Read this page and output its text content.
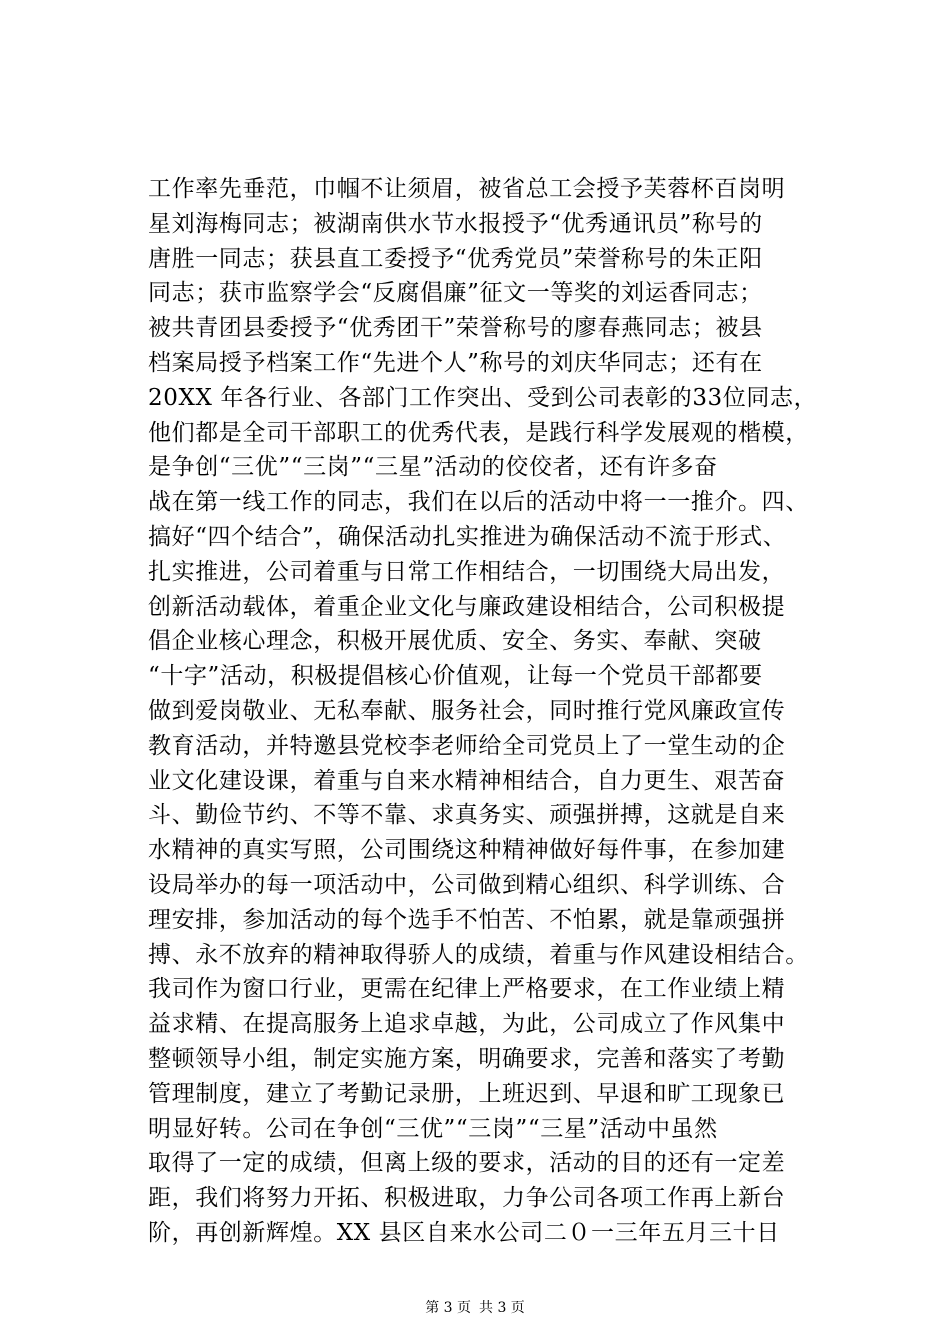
工作率先垂范，巾帼不让须眉，被省总工会授予芙蓉杯百岗明
星刘海梅同志；被湖南供水节水报授予“优秀通讯员”称号的
唐胜一同志；获县直工委授予“优秀党员”荣誉称号的朱正阳
同志；获市监察学会“反腐倡廉”征文一等奖的刘运香同志；
被共青团县委授予“优秀团干”荣誉称号的廖春燕同志；被县
档案局授予档案工作“先进个人”称号的刘庆华同志；还有在
20XX 年各行业、各部门工作突出、受到公司表彰的33位同志，
他们都是全司干部职工的优秀代表，是践行科学发展观的楷模，
是争创“三优”“三岗”“三星”活动的佼佼者，还有许多奋
战在第一线工作的同志，我们在以后的活动中将一一推介。四、
搞好“四个结合”，确保活动扎实推进为确保活动不流于形式、
扎实推进，公司着重与日常工作相结合，一切围绕大局出发，
创新活动载体，着重企业文化与廉政建设相结合，公司积极提
倡企业核心理念，积极开展优质、安全、务实、奉献、突破
“十字”活动，积极提倡核心价值观，让每一个党员干部都要
做到爱岗敬业、无私奉献、服务社会，同时推行党风廉政宣传
教育活动，并特邀县党校李老师给全司党员上了一堂生动的企
业文化建设课，着重与自来水精神相结合，自力更生、艰苦奋
斗、勤俭节约、不等不靠、求真务实、顽强拼搏，这就是自来
水精神的真实写照，公司围绕这种精神做好每件事，在参加建
设局举办的每一项活动中，公司做到精心组织、科学训练、合
理安排，参加活动的每个选手不怕苦、不怕累，就是靠顽强拼
搏、永不放弃的精神取得骄人的成绩，着重与作风建设相结合。
我司作为窗口行业，更需在纪律上严格要求，在工作业绩上精
益求精、在提高服务上追求卓越，为此，公司成立了作风集中
整顿领导小组，制定实施方案，明确要求，完善和落实了考勤
管理制度，建立了考勤记录册，上班迟到、早退和旷工现象已
明显好转。公司在争创“三优”“三岗”“三星”活动中虽然
取得了一定的成绩，但离上级的要求，活动的目的还有一定差
距，我们将努力开拓、积极进取，力争公司各项工作再上新台
阶，再创新辉煌。XX 县区自来水公司二０一三年五月三十日
第 3 页 共 3 页
